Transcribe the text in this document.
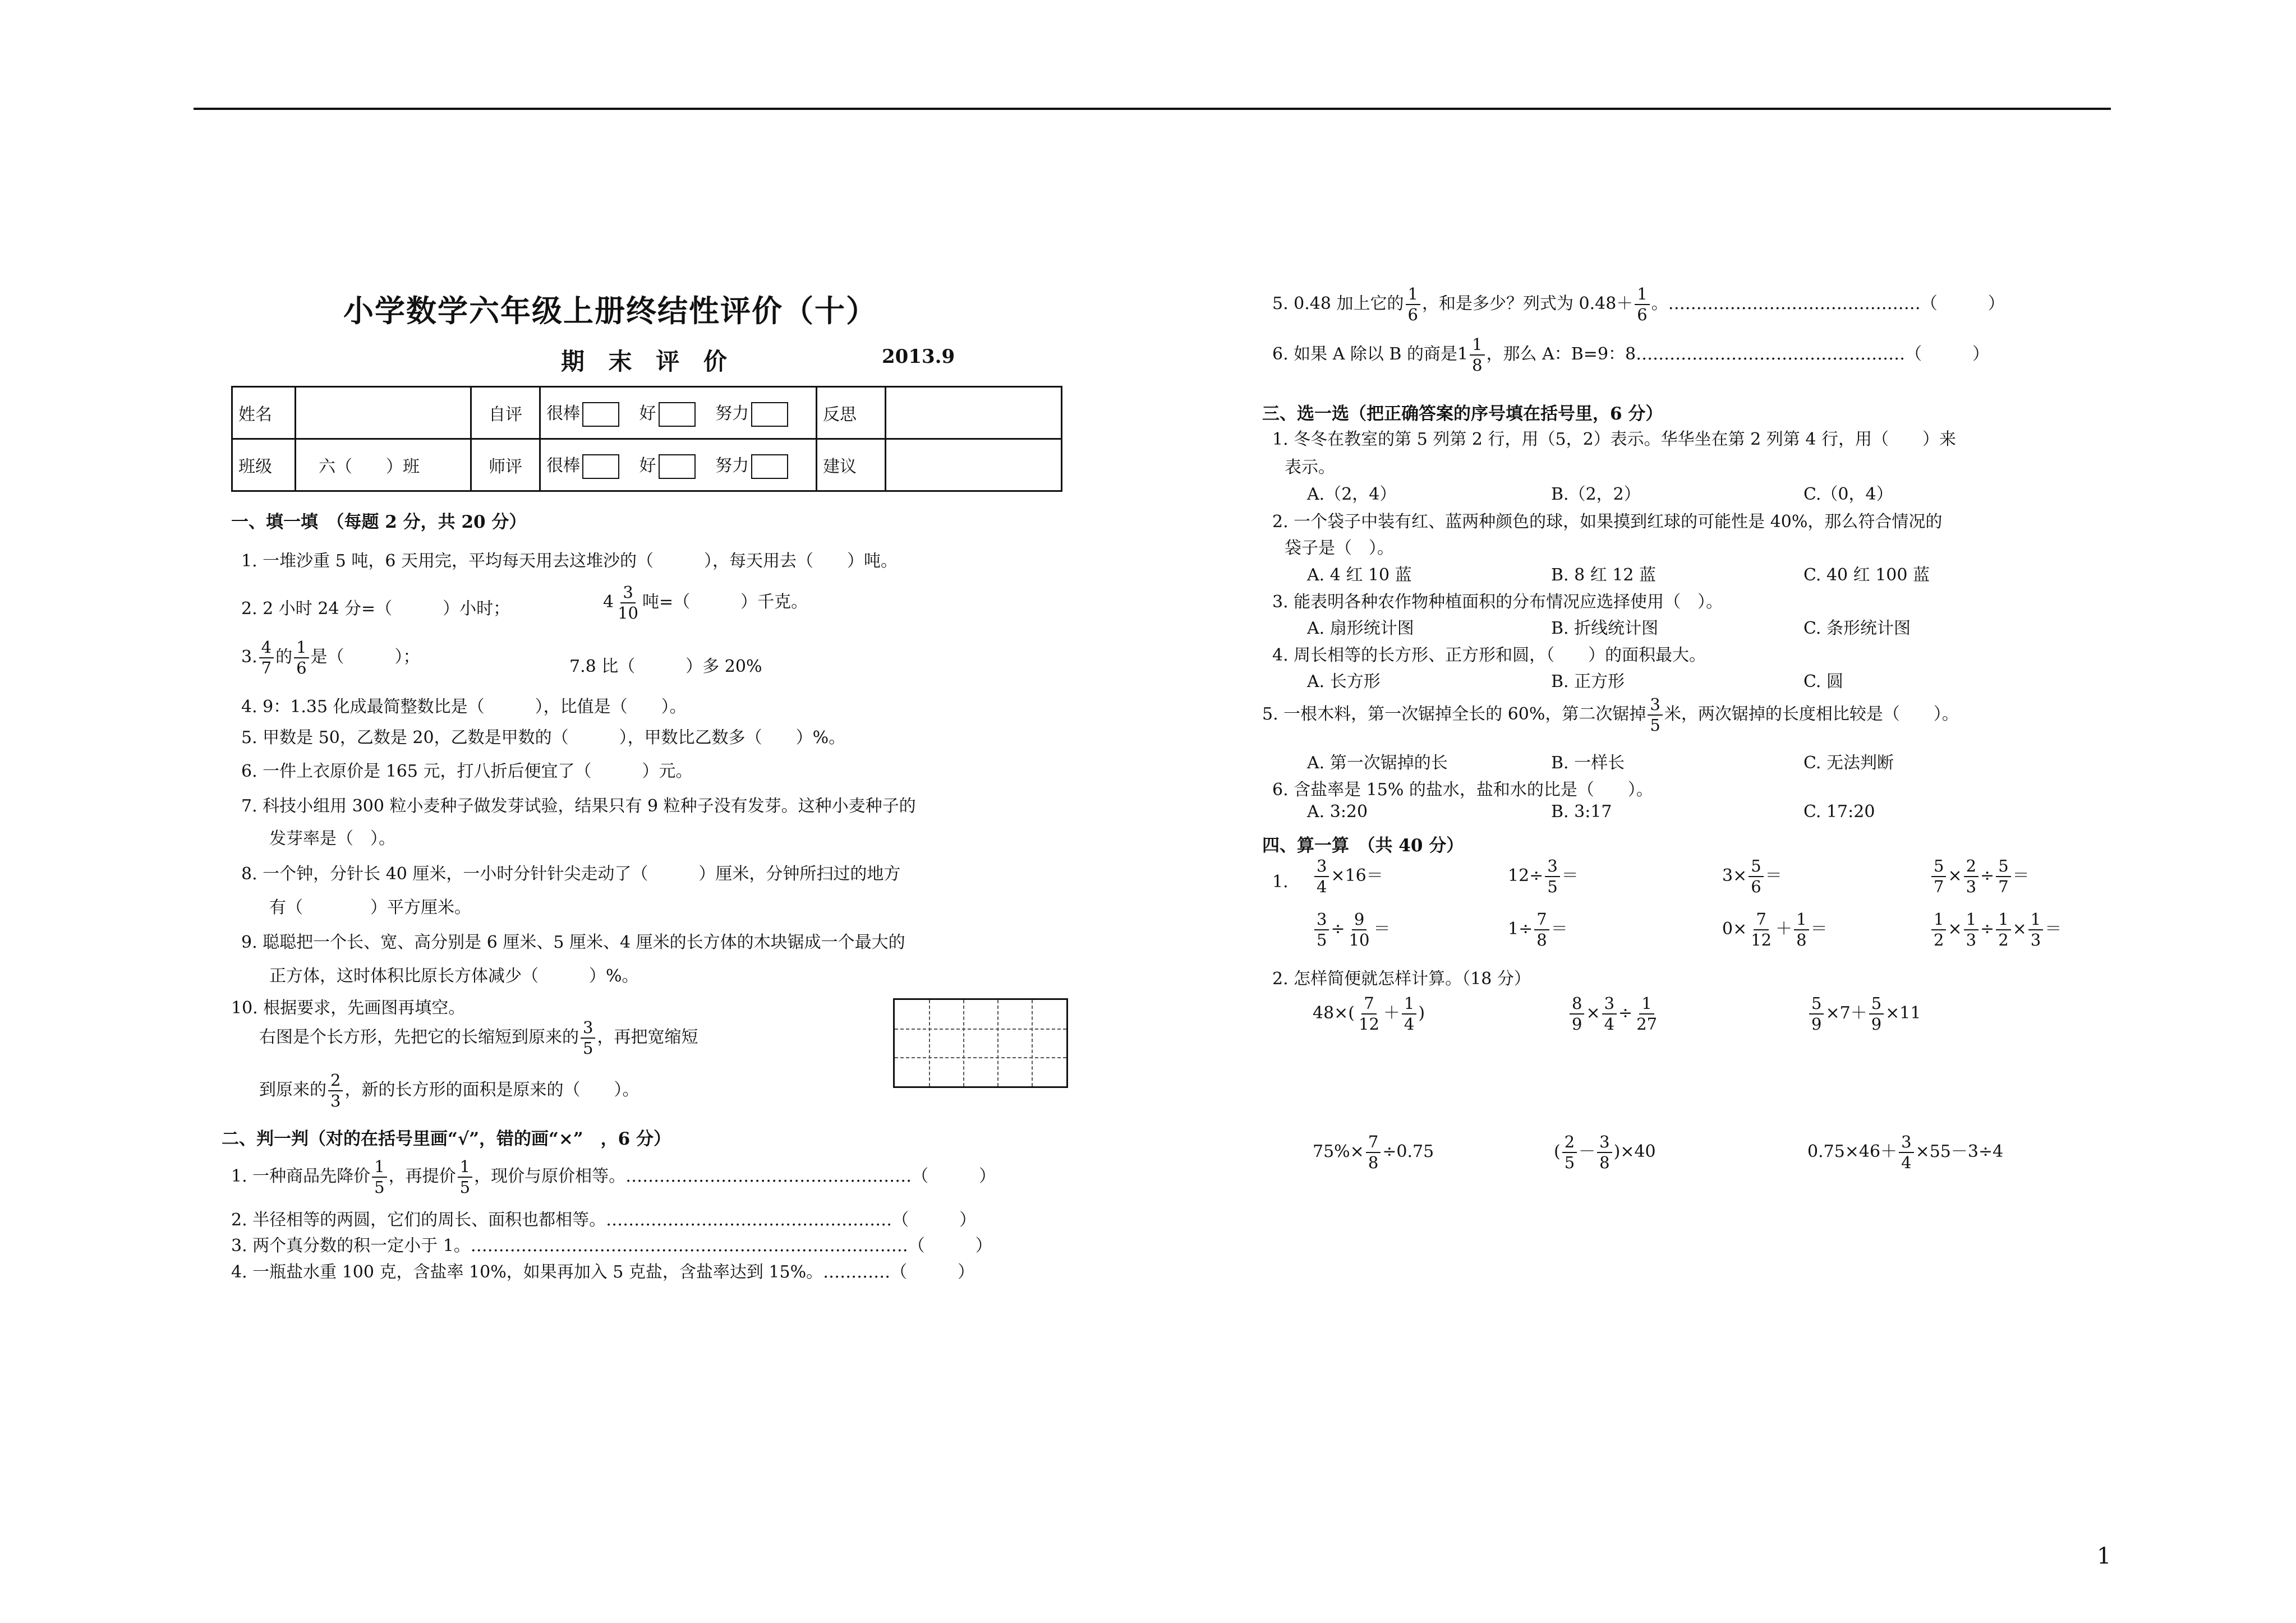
小学数学六年级上册终结性评价（十）
期 末 评 价	2013.9
姓名		自评	很棒 好 努力	反思	
班级	六（　　）班	师评	很棒 好 努力	建议	
一、填一填　（每题 2 分，共 20 分）
1. 一堆沙重 5 吨，6 天用完，平均每天用去这堆沙的（　　　），每天用去（　　）吨。
2. 2 小时 24 分=（　　　）小时；	$4 \frac{3}{10}$ 吨=（　　　）千克。
3. $\frac{4}{7}$ 的 $\frac{1}{6}$ 是（　　　）；	7.8 比（　　　）多 20%
4. 9：1.35 化成最简整数比是（　　　），比值是（　　）。
5. 甲数是 50，乙数是 20，乙数是甲数的（　　　），甲数比乙数多（　　）%。
6. 一件上衣原价是 165 元，打八折后便宜了（　　　）元。
7. 科技小组用 300 粒小麦种子做发芽试验，结果只有 9 粒种子没有发芽。这种小麦种子的
发芽率是（　）。
8. 一个钟，分针长 40 厘米，一小时分针针尖走动了（　　　）厘米，分钟所扫过的地方
有（　　　　）平方厘米。
9. 聪聪把一个长、宽、高分别是 6 厘米、5 厘米、4 厘米的长方体的木块锯成一个最大的
正方体，这时体积比原长方体减少（　　　）%。
10. 根据要求，先画图再填空。
右图是个长方形，先把它的长缩短到原来的 $\frac{3}{5}$ ，再把宽缩短
到原来的 $\frac{2}{3}$ ，新的长方形的面积是原来的（　　）。
二、判一判（对的在括号里画“√”，错的画“×”　，6 分）
1. 一种商品先降价 $\frac{1}{5}$ ，再提价 $\frac{1}{5}$ ，现价与原价相等。……………………………………………（　　　）
2. 半径相等的两圆，它们的周长、面积也都相等。……………………………………………（　　　）
3. 两个真分数的积一定小于 1。……………………………………………………………………（　　　）
4. 一瓶盐水重 100 克，含盐率 10%，如果再加入 5 克盐，含盐率达到 15%。…………（　　　）
5. 0.48 加上它的 $\frac{1}{6}$ ，和是多少？列式为 $0.48+ \frac{1}{6}$ 。………………………………………（　　　）
6. 如果 A 除以 B 的商是$1 \frac{1}{8}$ ，那么 A：B=9：8…………………………………………（　　　）
三、选一选（把正确答案的序号填在括号里，6 分）
1. 冬冬在教室的第 5 列第 2 行，用（5，2）表示。华华坐在第 2 列第 4 行，用（　　）来
表示。
A.（2，4）	B.（2，2）	C.（0，4）
2. 一个袋子中装有红、蓝两种颜色的球，如果摸到红球的可能性是 40%，那么符合情况的
袋子是（　）。
A. 4 红 10 蓝	B. 8 红 12 蓝	C. 40 红 100 蓝
3. 能表明各种农作物种植面积的分布情况应选择使用（　）。
A. 扇形统计图	B. 折线统计图	C. 条形统计图
4. 周长相等的长方形、正方形和圆，（　　）的面积最大。
A. 长方形	B. 正方形	C. 圆
5. 一根木料，第一次锯掉全长的 60%，第二次锯掉 $\frac{3}{5}$ 米，两次锯掉的长度相比较是（　　）。
A. 第一次锯掉的长	B. 一样长	C. 无法判断
6. 含盐率是 15% 的盐水，盐和水的比是（　　）。
A. 3:20	B. 3:17	C. 17:20
四、算一算　（共 40 分）
1. $\frac{3}{4} \times 16=$	$12\div \frac{3}{5}$ ＝	$3\times \frac{5}{6}$ ＝	$\frac{5}{7} \times \frac{2}{3} \div \frac{5}{7}$ ＝
$\frac{3}{5} \div \frac{9}{10}$ ＝	$1\div \frac{7}{8}$ ＝	$0\times \frac{7}{12} + \frac{1}{8}$ ＝	$\frac{1}{2} \times \frac{1}{3} \div \frac{1}{2} \times \frac{1}{3}$ ＝
2. 怎样简便就怎样计算。（18 分）
$48\times( \frac{7}{12} + \frac{1}{4}$ )	$\frac{8}{9} \times \frac{3}{4} \div \frac{1}{27}$	$\frac{5}{9} \times 7+ \frac{5}{9} \times 11$
$75\%\times \frac{7}{8} \div 0.75$	( $\frac{2}{5} - \frac{3}{8} )\times 40$	$0.75\times 46+ \frac{3}{4} \times 55-3\div 4$
1
